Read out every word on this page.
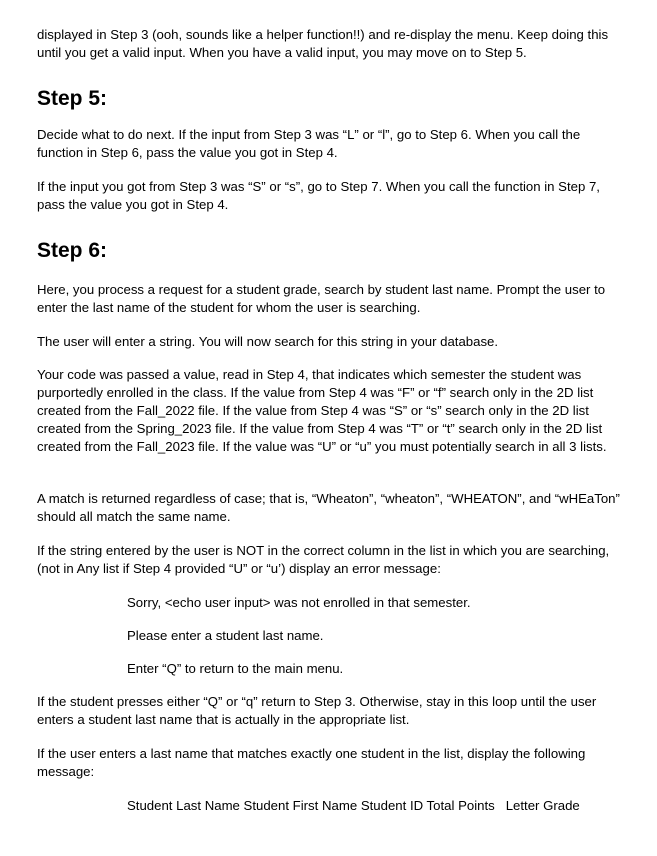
displayed in Step 3 (ooh, sounds like a helper function!!) and re-display the menu. Keep doing this until you get a valid input. When you have a valid input, you may move on to Step 5.

Step 5:

Decide what to do next. If the input from Step 3 was “L” or “l”, go to Step 6. When you call the function in Step 6, pass the value you got in Step 4.

If the input you got from Step 3 was “S” or “s”, go to Step 7. When you call the function in Step 7, pass the value you got in Step 4.

Step 6:

Here, you process a request for a student grade, search by student last name. Prompt the user to enter the last name of the student for whom the user is searching.

The user will enter a string. You will now search for this string in your database.

Your code was passed a value, read in Step 4, that indicates which semester the student was purportedly enrolled in the class. If the value from Step 4 was “F” or “f” search only in the 2D list created from the Fall_2022 file. If the value from Step 4 was “S” or “s” search only in the 2D list created from the Spring_2023 file. If the value from Step 4 was “T” or “t” search only in the 2D list created from the Fall_2023 file. If the value was “U” or “u” you must potentially search in all 3 lists.

A match is returned regardless of case; that is, “Wheaton”, “wheaton”, “WHEATON”, and “wHEaTon” should all match the same name.

If the string entered by the user is NOT in the correct column in the list in which you are searching, (not in Any list if Step 4 provided “U” or “u’) display an error message:

Sorry, <echo user input> was not enrolled in that semester.

Please enter a student last name.

Enter “Q” to return to the main menu.

If the student presses either “Q” or “q” return to Step 3. Otherwise, stay in this loop until the user enters a student last name that is actually in the appropriate list.

If the user enters a last name that matches exactly one student in the list, display the following message:

Student Last Name Student First Name Student ID Total Points   Letter Grade
